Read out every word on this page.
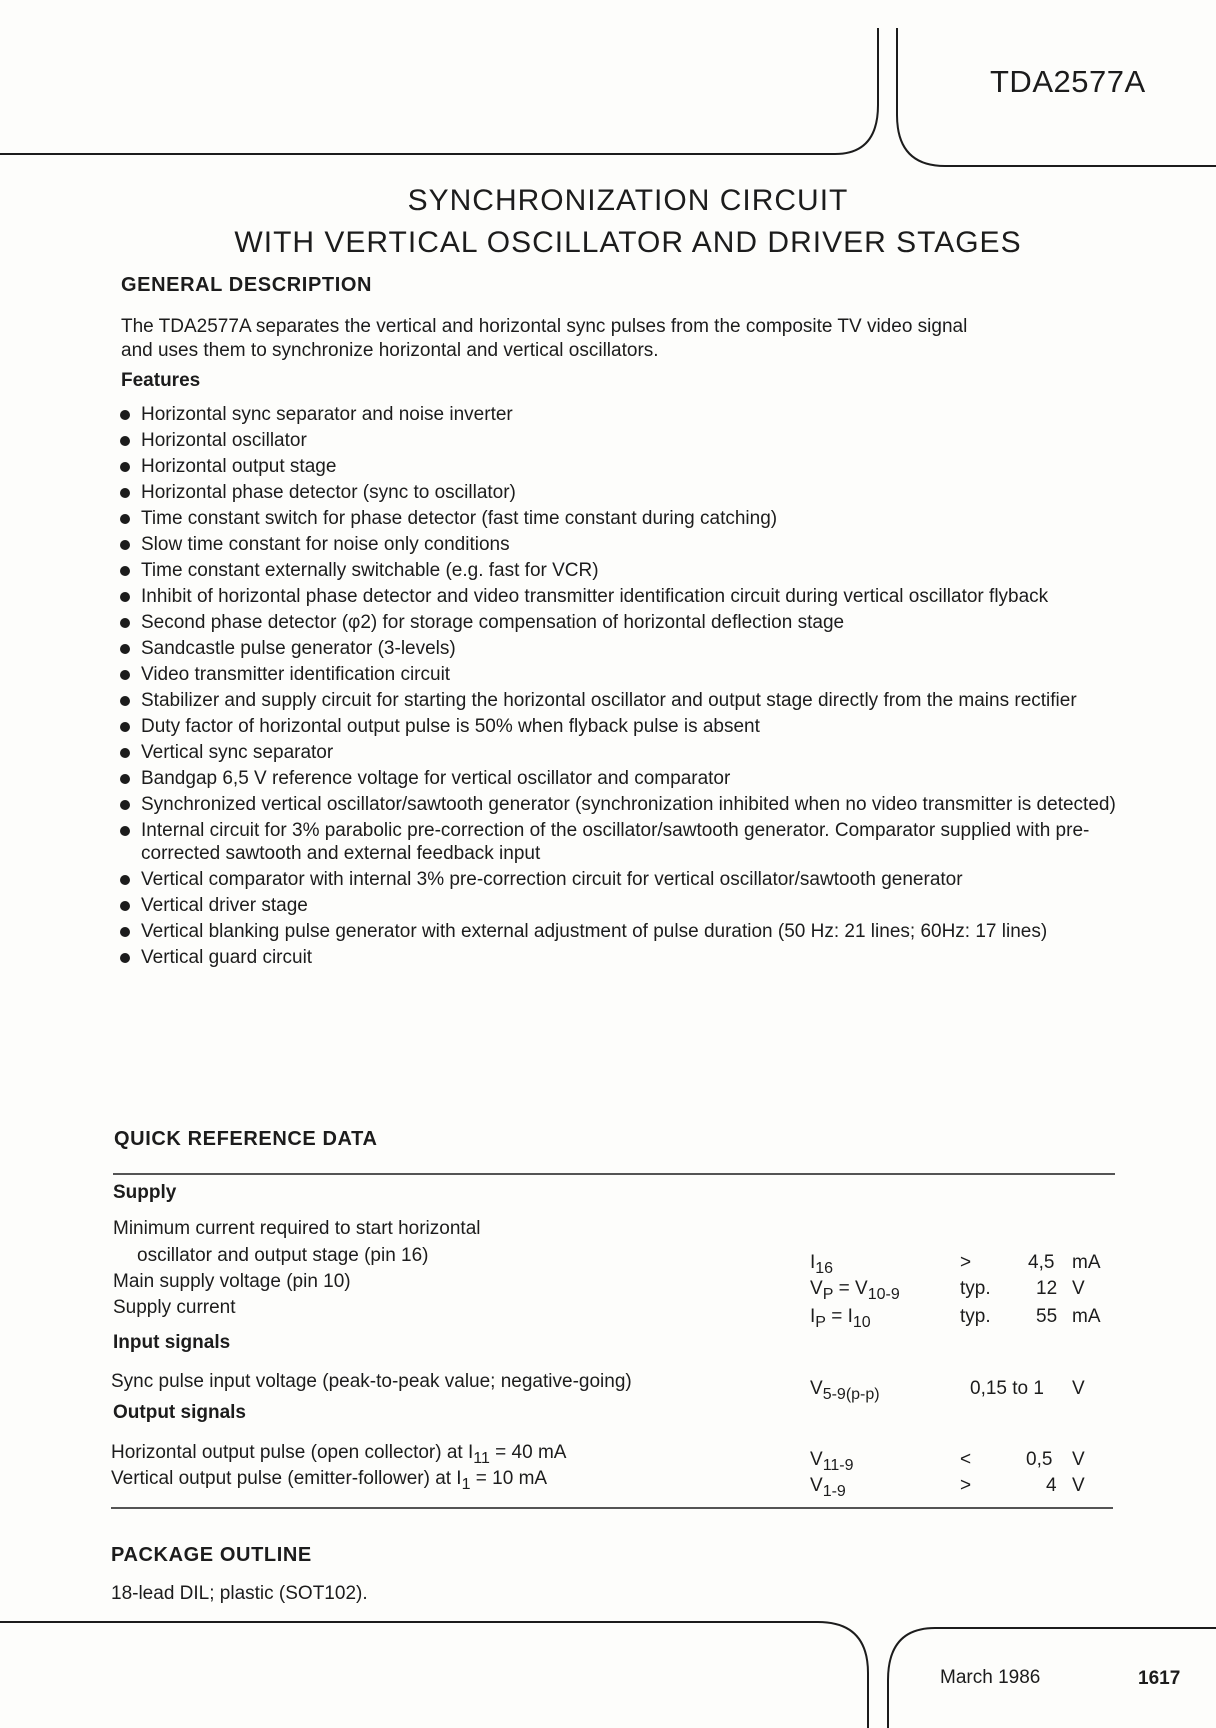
TDA2577A
SYNCHRONIZATION CIRCUIT
WITH VERTICAL OSCILLATOR AND DRIVER STAGES
GENERAL DESCRIPTION
The TDA2577A separates the vertical and horizontal sync pulses from the composite TV video signal
and uses them to synchronize horizontal and vertical oscillators.
Features
Horizontal sync separator and noise inverter
Horizontal oscillator
Horizontal output stage
Horizontal phase detector (sync to oscillator)
Time constant switch for phase detector (fast time constant during catching)
Slow time constant for noise only conditions
Time constant externally switchable (e.g. fast for VCR)
Inhibit of horizontal phase detector and video transmitter identification circuit during vertical oscillator flyback
Second phase detector (φ2) for storage compensation of horizontal deflection stage
Sandcastle pulse generator (3-levels)
Video transmitter identification circuit
Stabilizer and supply circuit for starting the horizontal oscillator and output stage directly from the mains rectifier
Duty factor of horizontal output pulse is 50% when flyback pulse is absent
Vertical sync separator
Bandgap 6,5 V reference voltage for vertical oscillator and comparator
Synchronized vertical oscillator/sawtooth generator (synchronization inhibited when no video transmitter is detected)
Internal circuit for 3% parabolic pre-correction of the oscillator/sawtooth generator. Comparator supplied with pre-corrected sawtooth and external feedback input
Vertical comparator with internal 3% pre-correction circuit for vertical oscillator/sawtooth generator
Vertical driver stage
Vertical blanking pulse generator with external adjustment of pulse duration (50 Hz: 21 lines; 60Hz: 17 lines)
Vertical guard circuit
QUICK REFERENCE DATA
Supply
Minimum current required to start horizontal
oscillator and output stage (pin 16)	$I_{16}$	>	4,5 mA
Main supply voltage (pin 10)	$V_P = V_{10-9}$	typ. 12 V
Supply current	$I_P = I_{10}$	typ. 55 mA
Input signals
Sync pulse input voltage (peak-to-peak value; negative-going)	$V_{5-9(p-p)}$	0,15 to 1 V
Output signals
Horizontal output pulse (open collector) at $I_{11} = 40$ mA	$V_{11-9}$	<	0,5 V
Vertical output pulse (emitter-follower) at $I_1 = 10$ mA	$V_{1-9}$	>	4 V
PACKAGE OUTLINE
18-lead DIL; plastic (SOT102).
March 1986	1617
